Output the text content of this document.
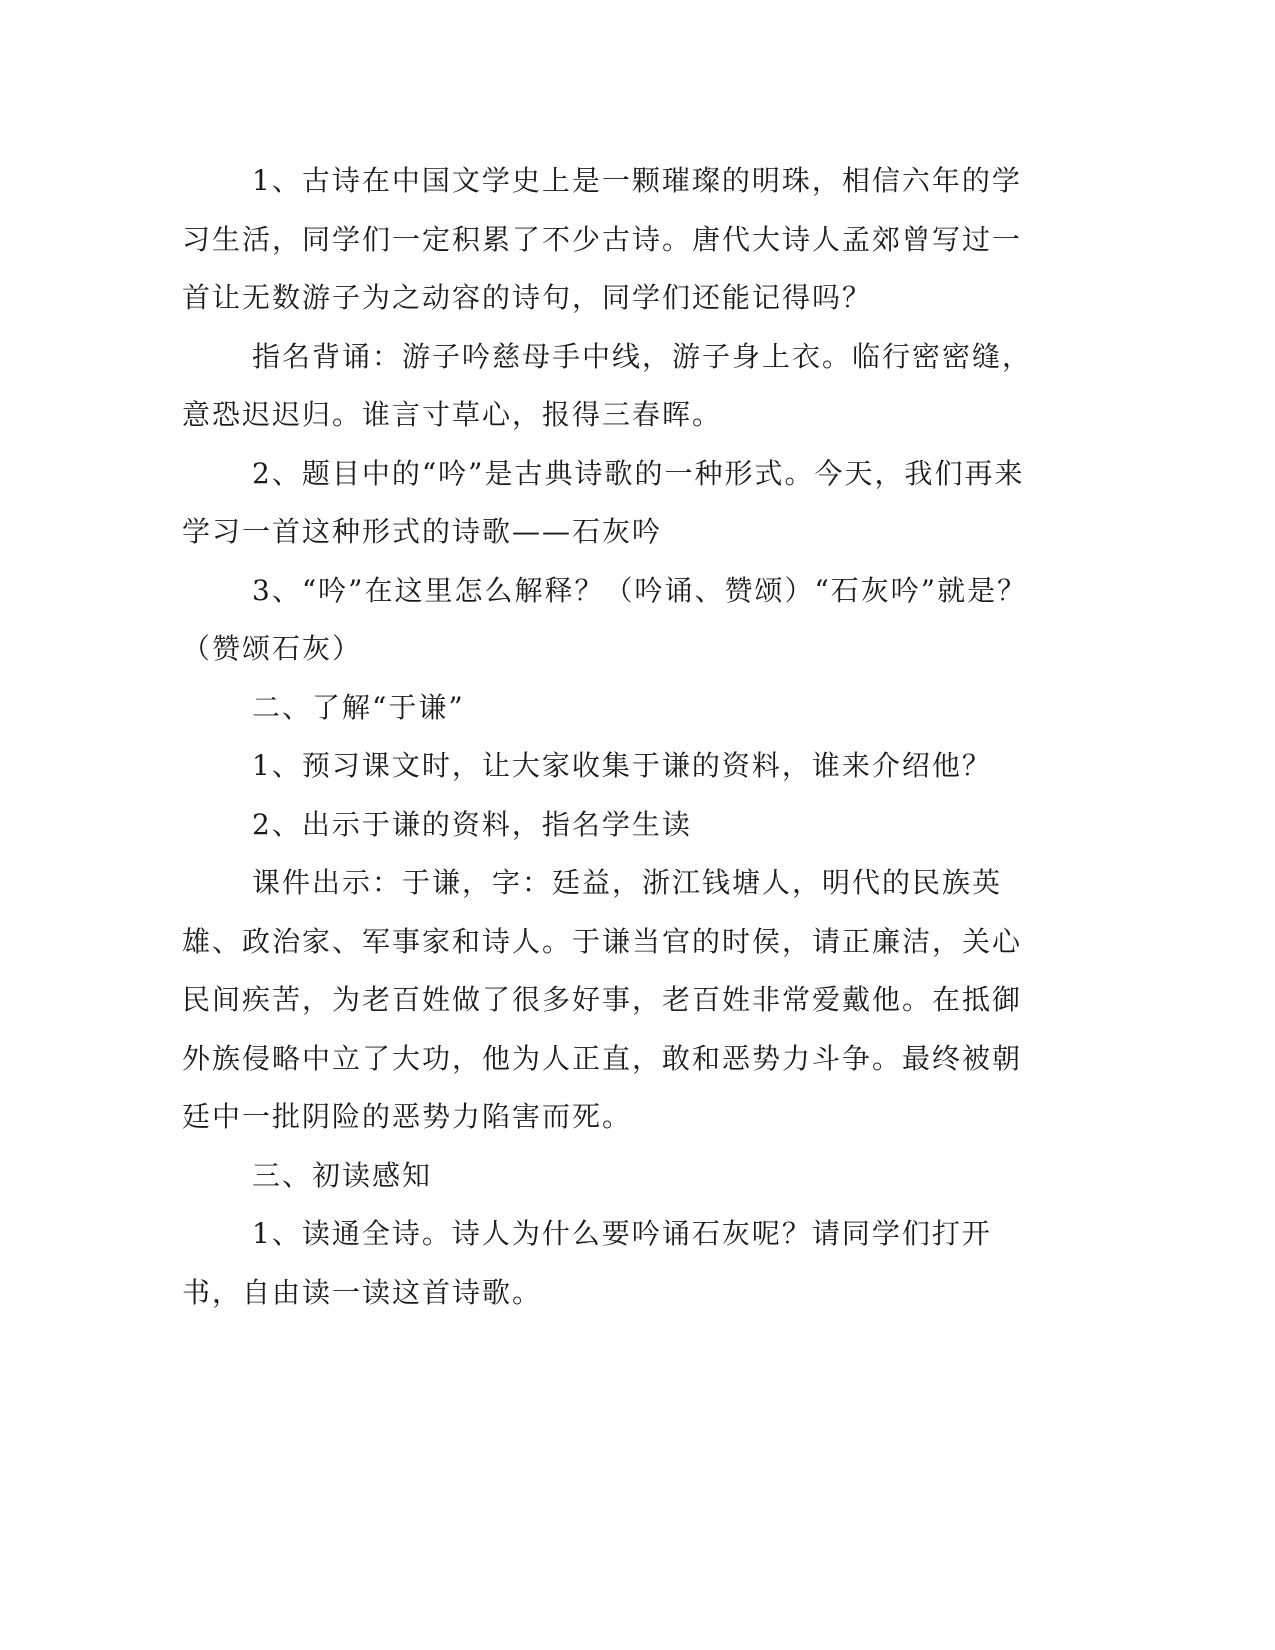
1、古诗在中国文学史上是一颗璀璨的明珠，相信六年的学习生活，同学们一定积累了不少古诗。唐代大诗人孟郊曾写过一首让无数游子为之动容的诗句，同学们还能记得吗？

指名背诵：游子吟慈母手中线，游子身上衣。临行密密缝，意恐迟迟归。谁言寸草心，报得三春晖。

2、题目中的“吟”是古典诗歌的一种形式。今天，我们再来学习一首这种形式的诗歌——石灰吟

3、“吟”在这里怎么解释？（吟诵、赞颂）“石灰吟”就是？（赞颂石灰）

二、了解“于谦”

1、预习课文时，让大家收集于谦的资料，谁来介绍他？

2、出示于谦的资料，指名学生读

课件出示：于谦，字：廷益，浙江钱塘人，明代的民族英雄、政治家、军事家和诗人。于谦当官的时侯，请正廉洁，关心民间疾苦，为老百姓做了很多好事，老百姓非常爱戴他。在抵御外族侵略中立了大功，他为人正直，敢和恶势力斗争。最终被朝廷中一批阴险的恶势力陷害而死。

三、初读感知

1、读通全诗。诗人为什么要吟诵石灰呢？请同学们打开书，自由读一读这首诗歌。
